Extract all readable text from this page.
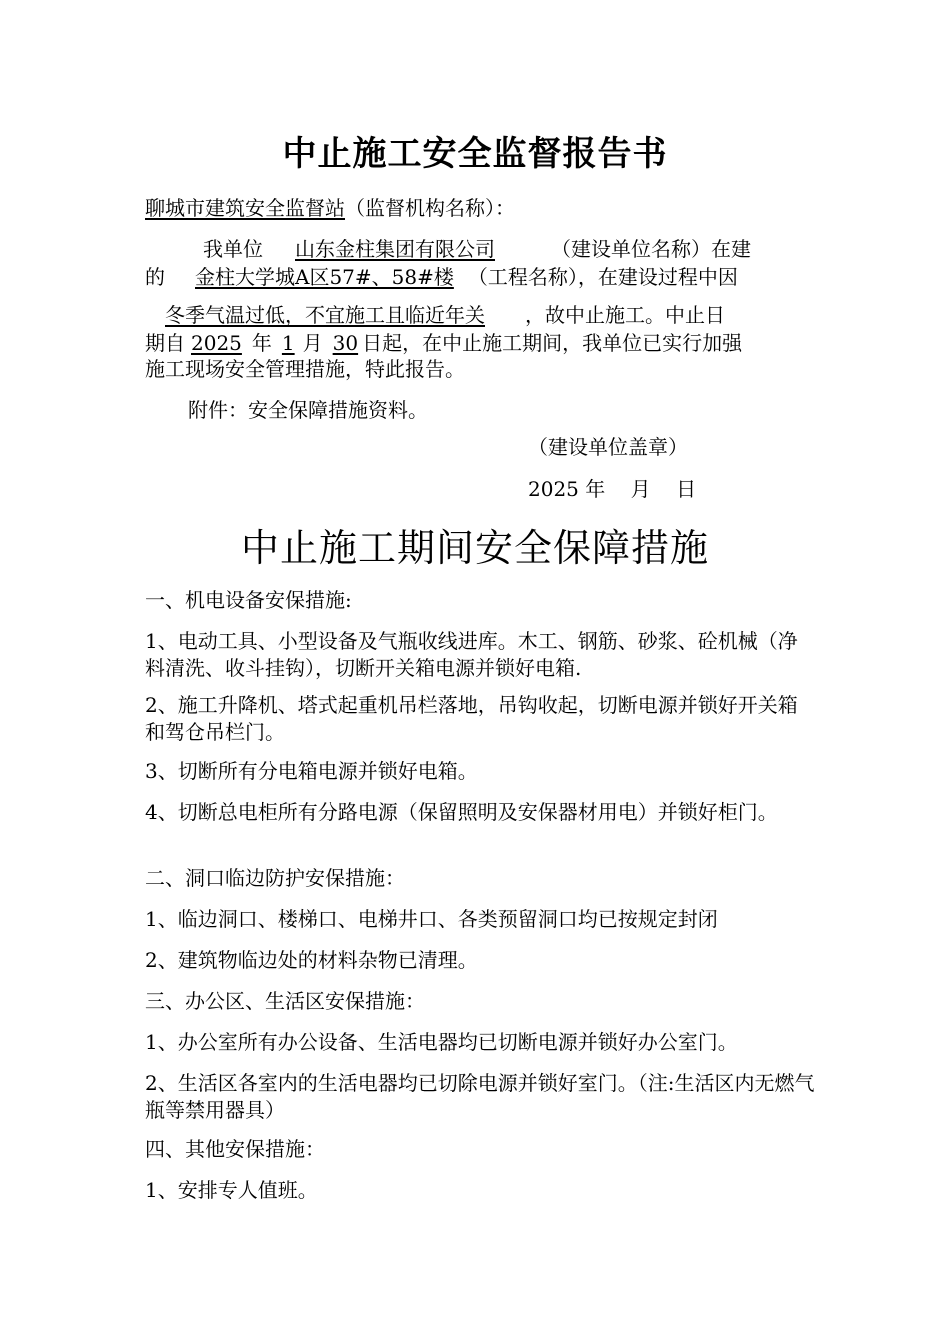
中止施工安全监督报告书
聊城市建筑安全监督站（监督机构名称）：
我单位 山东金柱集团有限公司	（建设单位名称）在建
的 金柱大学城A区57#、58#楼 （工程名称），在建设过程中因
冬季气温过低，不宜施工且临近年关 ，故中止施工。中止日
期自 2025 年 1 月 30 日起，在中止施工期间，我单位已实行加强
施工现场安全管理措施，特此报告。
附件：安全保障措施资料。
（建设单位盖章）
2025 年    月    日
中止施工期间安全保障措施
一、机电设备安保措施:
1、电动工具、小型设备及气瓶收线进库。木工、钢筋、砂浆、砼机械（净料清洗、收斗挂钩），切断开关箱电源并锁好电箱.
2、施工升降机、塔式起重机吊栏落地，吊钩收起，切断电源并锁好开关箱和驾仓吊栏门。
3、切断所有分电箱电源并锁好电箱。
4、切断总电柜所有分路电源（保留照明及安保器材用电）并锁好柜门。
二、洞口临边防护安保措施：
1、临边洞口、楼梯口、电梯井口、各类预留洞口均已按规定封闭
2、建筑物临边处的材料杂物已清理。
三、办公区、生活区安保措施：
1、办公室所有办公设备、生活电器均已切断电源并锁好办公室门。
2、生活区各室内的生活电器均已切除电源并锁好室门。（注:生活区内无燃气瓶等禁用器具）
四、其他安保措施：
1、安排专人值班。
